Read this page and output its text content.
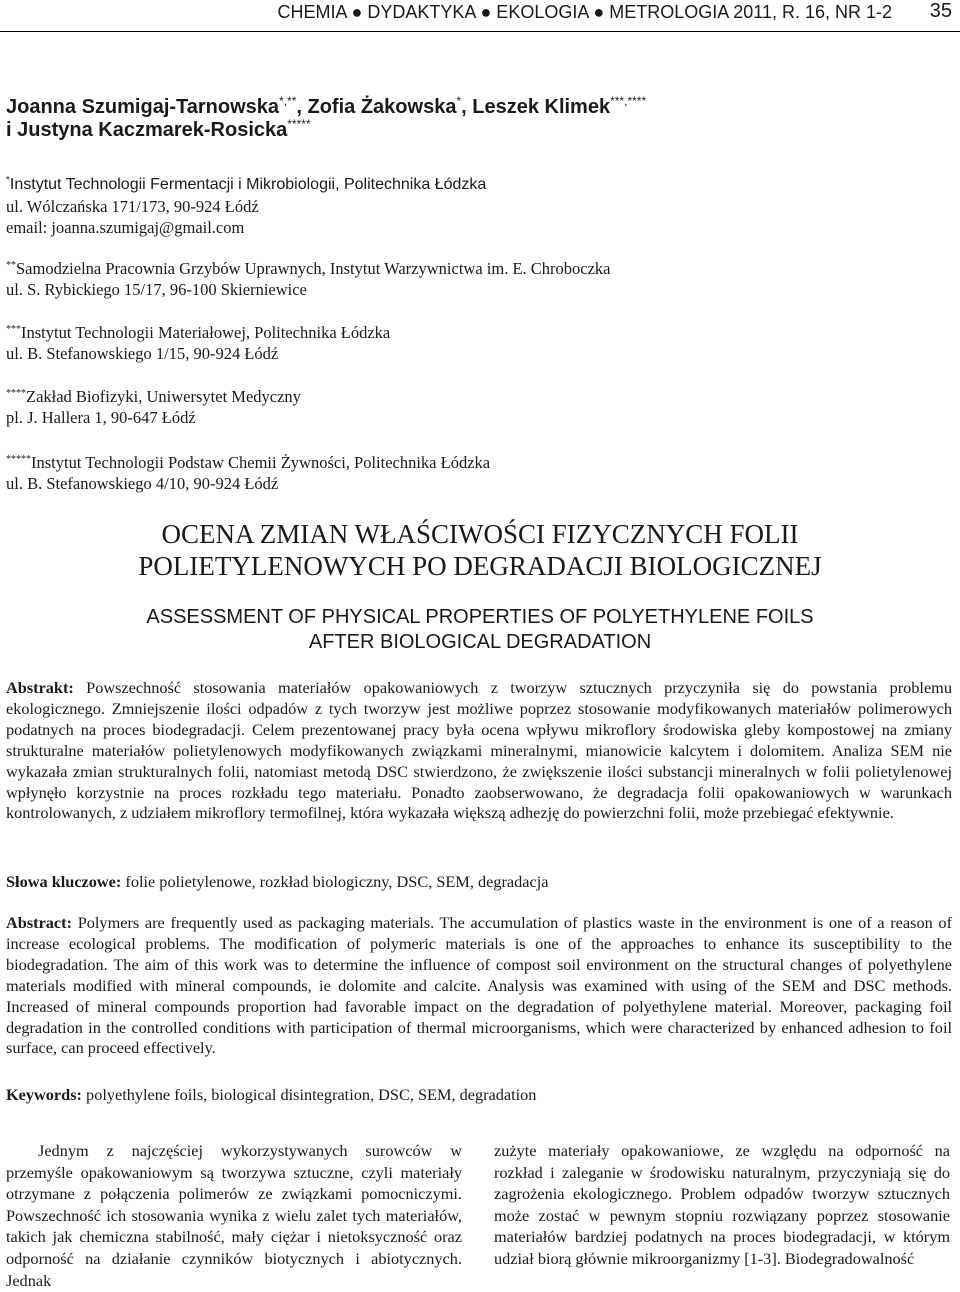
CHEMIA ● DYDAKTYKA ● EKOLOGIA ● METROLOGIA 2011, R. 16, NR 1-2 35
Joanna Szumigaj-Tarnowska*,**, Zofia Żakowska*, Leszek Klimek***,****
i Justyna Kaczmarek-Rosicka*****
*Instytut Technologii Fermentacji i Mikrobiologii, Politechnika Łódzka
ul. Wólczańska 171/173, 90-924 Łódź
email: joanna.szumigaj@gmail.com
**Samodzielna Pracownia Grzybów Uprawnych, Instytut Warzywnictwa im. E. Chroboczka
ul. S. Rybickiego 15/17, 96-100 Skierniewice
***Instytut Technologii Materiałowej, Politechnika Łódzka
ul. B. Stefanowskiego 1/15, 90-924 Łódź
****Zakład Biofizyki, Uniwersytet Medyczny
pl. J. Hallera 1, 90-647 Łódź
*****Instytut Technologii Podstaw Chemii Żywności, Politechnika Łódzka
ul. B. Stefanowskiego 4/10, 90-924 Łódź
OCENA ZMIAN WŁAŚCIWOŚCI FIZYCZNYCH FOLII
POLIETYLENOWYCH PO DEGRADACJI BIOLOGICZNEJ
ASSESSMENT OF PHYSICAL PROPERTIES OF POLYETHYLENE FOILS
AFTER BIOLOGICAL DEGRADATION
Abstrakt: Powszechność stosowania materiałów opakowaniowych z tworzyw sztucznych przyczyniła się do powstania problemu ekologicznego. Zmniejszenie ilości odpadów z tych tworzyw jest możliwe poprzez stosowanie modyfikowanych materiałów polimerowych podatnych na proces biodegradacji. Celem prezentowanej pracy była ocena wpływu mikroflory środowiska gleby kompostowej na zmiany strukturalne materiałów polietylenowych modyfikowanych związkami mineralnymi, mianowicie kalcytem i dolomitem. Analiza SEM nie wykazała zmian strukturalnych folii, natomiast metodą DSC stwierdzono, że zwiększenie ilości substancji mineralnych w folii polietylenowej wpłynęło korzystnie na proces rozkładu tego materiału. Ponadto zaobserwowano, że degradacja folii opakowaniowych w warunkach kontrolowanych, z udziałem mikroflory termofilnej, która wykazała większą adhezję do powierzchni folii, może przebiegać efektywnie.
Słowa kluczowe: folie polietylenowe, rozkład biologiczny, DSC, SEM, degradacja
Abstract: Polymers are frequently used as packaging materials. The accumulation of plastics waste in the environment is one of a reason of increase ecological problems. The modification of polymeric materials is one of the approaches to enhance its susceptibility to the biodegradation. The aim of this work was to determine the influence of compost soil environment on the structural changes of polyethylene materials modified with mineral compounds, ie dolomite and calcite. Analysis was examined with using of the SEM and DSC methods. Increased of mineral compounds proportion had favorable impact on the degradation of polyethylene material. Moreover, packaging foil degradation in the controlled conditions with participation of thermal microorganisms, which were characterized by enhanced adhesion to foil surface, can proceed effectively.
Keywords: polyethylene foils, biological disintegration, DSC, SEM, degradation
Jednym z najczęściej wykorzystywanych surowców w przemyśle opakowaniowym są tworzywa sztuczne, czyli materiały otrzymane z połączenia polimerów ze związkami pomocniczymi. Powszechność ich stosowania wynika z wielu zalet tych materiałów, takich jak chemiczna stabilność, mały ciężar i nietoksyczność oraz odporność na działanie czynników biotycznych i abiotycznych. Jednak
zużyte materiały opakowaniowe, ze względu na odporność na rozkład i zaleganie w środowisku naturalnym, przyczyniają się do zagrożenia ekologicznego. Problem odpadów tworzyw sztucznych może zostać w pewnym stopniu rozwiązany poprzez stosowanie materiałów bardziej podatnych na proces biodegradacji, w którym udział biorą głównie mikroorganizmy [1-3]. Biodegradowalność
